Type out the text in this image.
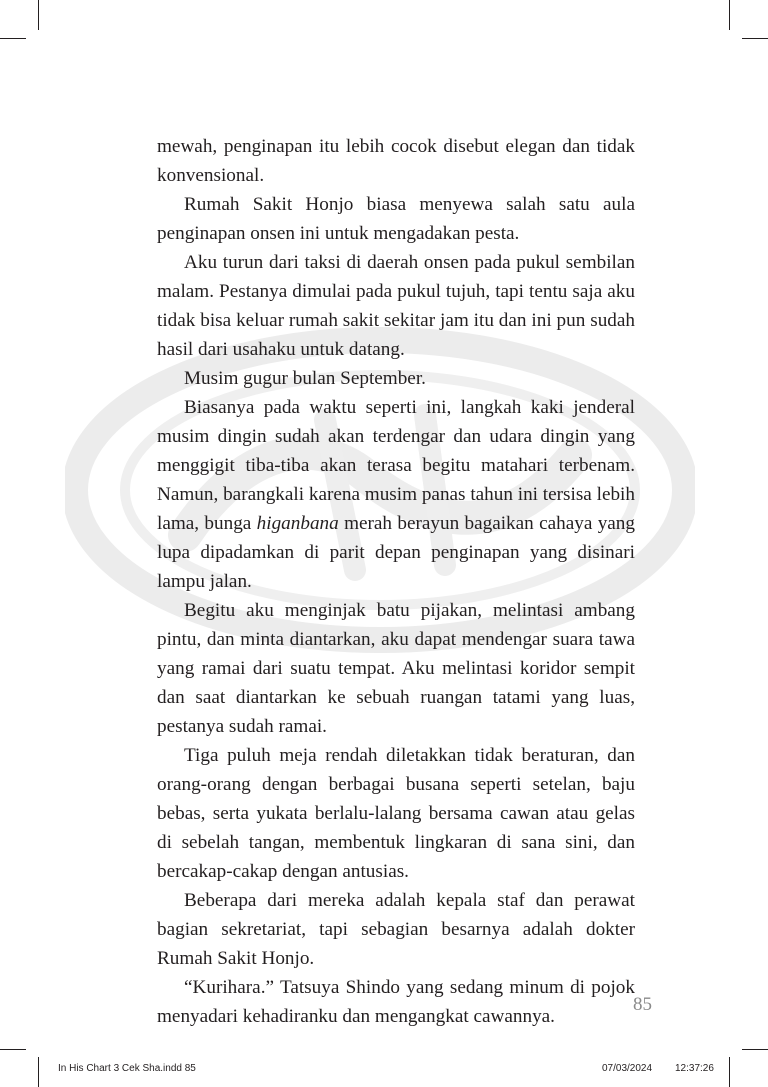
mewah, penginapan itu lebih cocok disebut elegan dan tidak konvensional.

Rumah Sakit Honjo biasa menyewa salah satu aula penginapan onsen ini untuk mengadakan pesta.

Aku turun dari taksi di daerah onsen pada pukul sembilan malam. Pestanya dimulai pada pukul tujuh, tapi tentu saja aku tidak bisa keluar rumah sakit sekitar jam itu dan ini pun sudah hasil dari usahaku untuk datang.

Musim gugur bulan September.

Biasanya pada waktu seperti ini, langkah kaki jenderal musim dingin sudah akan terdengar dan udara dingin yang menggigit tiba-tiba akan terasa begitu matahari terbenam. Namun, barangkali karena musim panas tahun ini tersisa lebih lama, bunga higanbana merah berayun bagaikan cahaya yang lupa dipadamkan di parit depan penginapan yang disinari lampu jalan.

Begitu aku menginjak batu pijakan, melintasi ambang pintu, dan minta diantarkan, aku dapat mendengar suara tawa yang ramai dari suatu tempat. Aku melintasi koridor sempit dan saat diantarkan ke sebuah ruangan tatami yang luas, pestanya sudah ramai.

Tiga puluh meja rendah diletakkan tidak beraturan, dan orang-orang dengan berbagai busana seperti setelan, baju bebas, serta yukata berlalu-lalang bersama cawan atau gelas di sebelah tangan, membentuk lingkaran di sana sini, dan bercakap-cakap dengan antusias.

Beberapa dari mereka adalah kepala staf dan perawat bagian sekretariat, tapi sebagian besarnya adalah dokter Rumah Sakit Honjo.

“Kurihara.” Tatsuya Shindo yang sedang minum di pojok menyadari kehadiranku dan mengangkat cawannya.

85
In His Chart 3 Cek Sha.indd 85	07/03/2024 12:37:26
